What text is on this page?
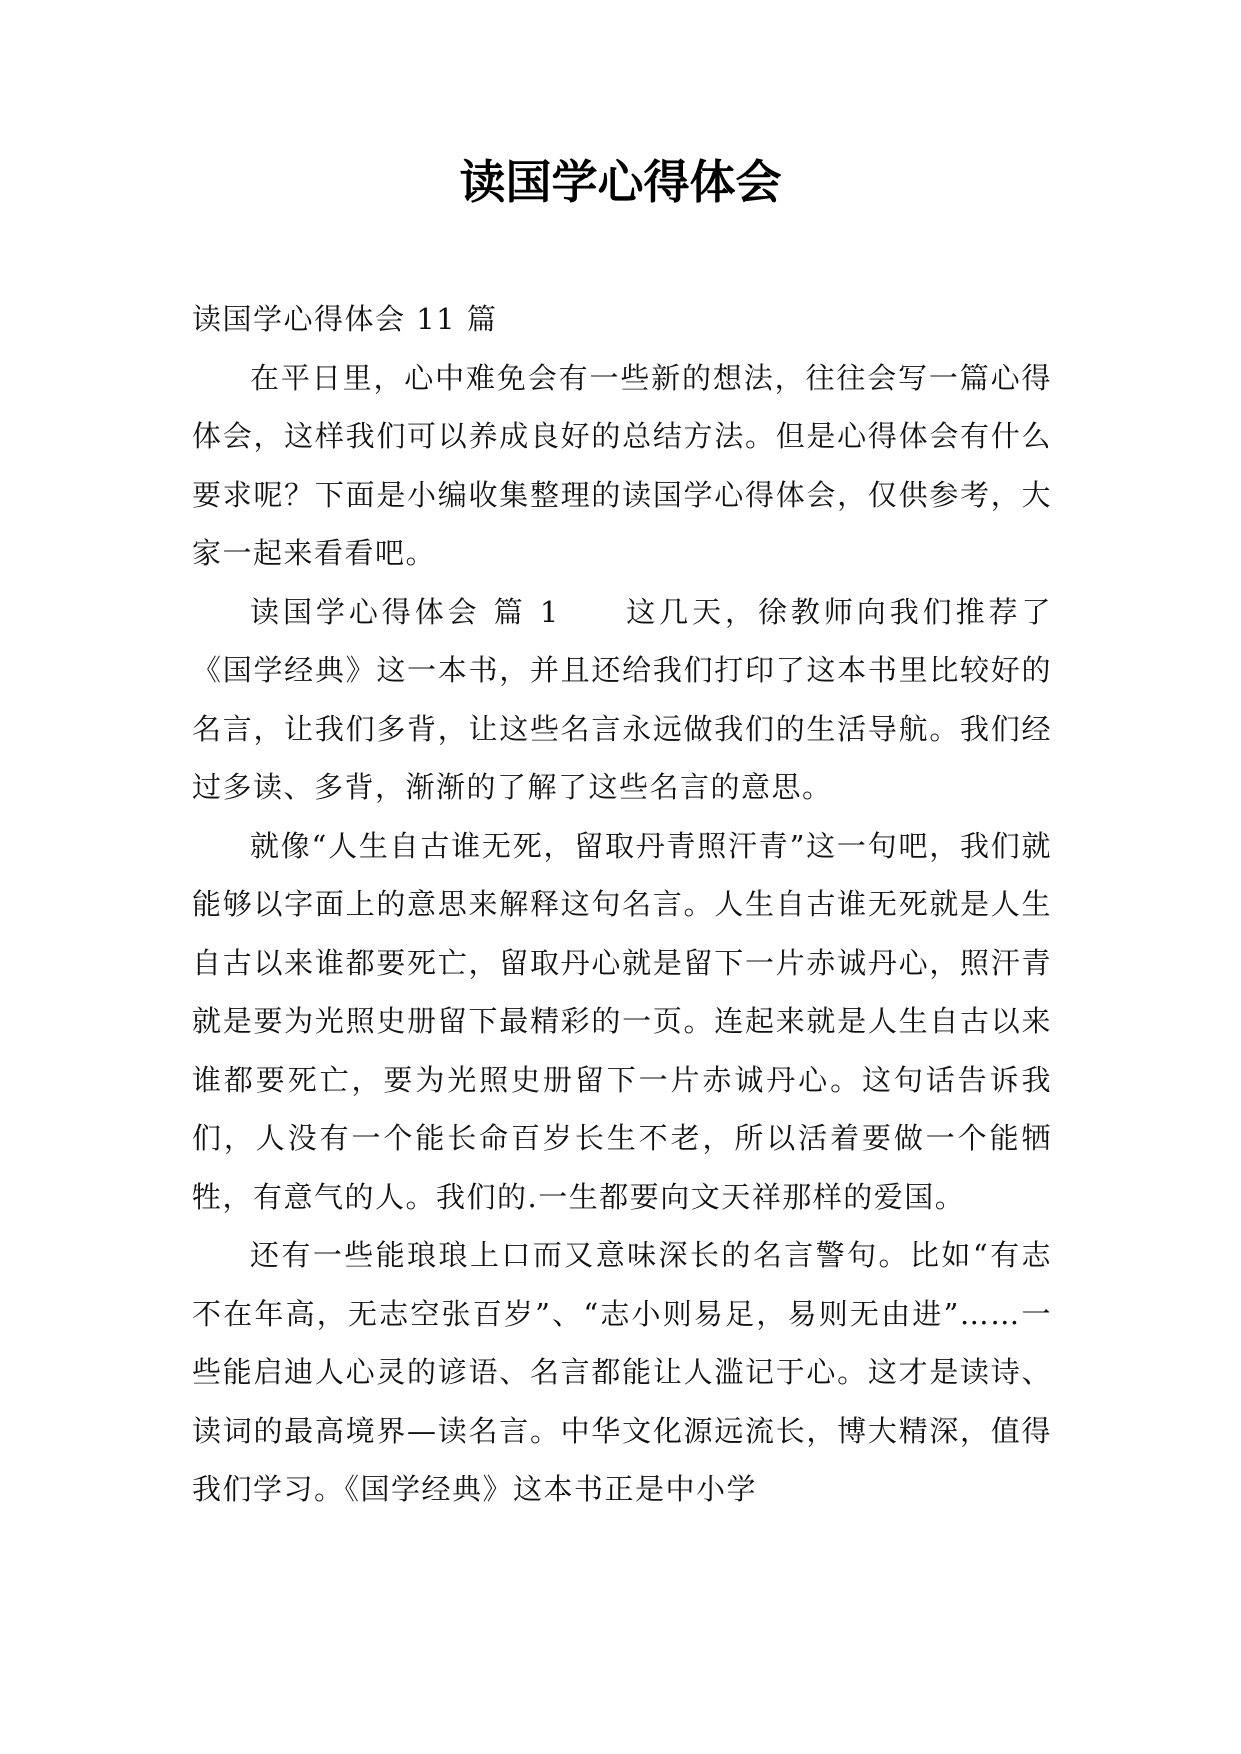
读国学心得体会

读国学心得体会 11 篇

在平日里，心中难免会有一些新的想法，往往会写一篇心得体会，这样我们可以养成良好的总结方法。但是心得体会有什么要求呢？下面是小编收集整理的读国学心得体会，仅供参考，大家一起来看看吧。

读国学心得体会 篇 1 这几天，徐教师向我们推荐了《国学经典》这一本书，并且还给我们打印了这本书里比较好的名言，让我们多背，让这些名言永远做我们的生活导航。我们经过多读、多背，渐渐的了解了这些名言的意思。

就像“人生自古谁无死，留取丹青照汗青”这一句吧，我们就能够以字面上的意思来解释这句名言。人生自古谁无死就是人生自古以来谁都要死亡，留取丹心就是留下一片赤诚丹心，照汗青就是要为光照史册留下最精彩的一页。连起来就是人生自古以来谁都要死亡，要为光照史册留下一片赤诚丹心。这句话告诉我们，人没有一个能长命百岁长生不老，所以活着要做一个能牺牲，有意气的人。我们的.一生都要向文天祥那样的爱国。

还有一些能琅琅上口而又意味深长的名言警句。比如“有志不在年高，无志空张百岁”、“志小则易足，易则无由进”……一些能启迪人心灵的谚语、名言都能让人滥记于心。这才是读诗、读词的最高境界—读名言。中华文化源远流长，博大精深，值得我们学习。《国学经典》这本书正是中小学
